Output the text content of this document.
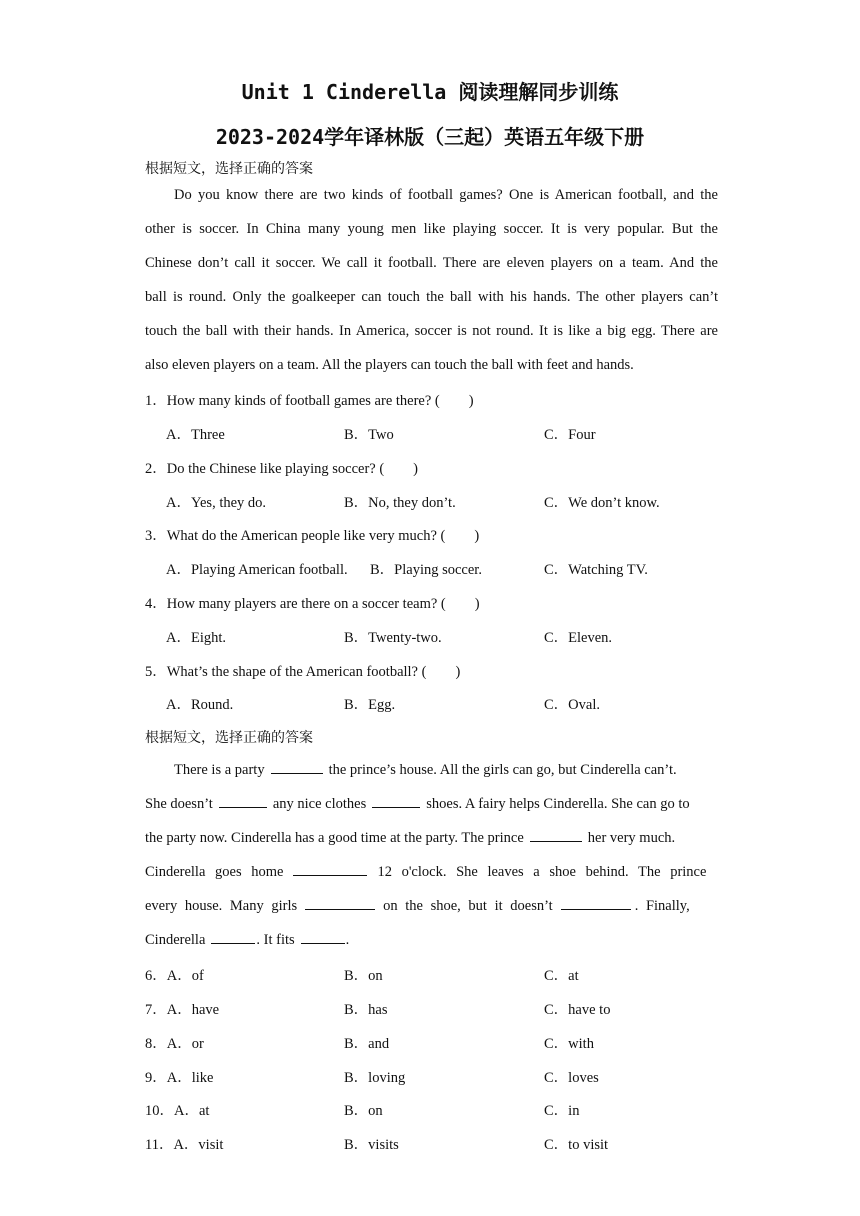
Unit 1 Cinderella 阅读理解同步训练
2023-2024学年译林版（三起）英语五年级下册
根据短文，选择正确的答案
Do you know there are two kinds of football games? One is American football, and the
other is soccer. In China many young men like playing soccer. It is very popular. But the
Chinese don’t call it soccer. We call it football. There are eleven players on a team. And the
ball is round. Only the goalkeeper can touch the ball with his hands. The other players can’t
touch the ball with their hands. In America, soccer is not round. It is like a big egg. There are
also eleven players on a team. All the players can touch the ball with feet and hands.
1．How many kinds of football games are there? (　　)
A．Three	B．Two	C．Four
2．Do the Chinese like playing soccer? (　　)
A．Yes, they do.	B．No, they don’t.	C．We don’t know.
3．What do the American people like very much? (　　)
A．Playing American football. B．Playing soccer.	C．Watching TV.
4．How many players are there on a soccer team? (　　)
A．Eight.	B．Twenty-two.	C．Eleven.
5．What’s the shape of the American football? (　　)
A．Round.	B．Egg.	C．Oval.
根据短文，选择正确的答案
There is a party	the prince’s house. All the girls can go, but Cinderella can’t.
She doesn’t	any nice clothes	shoes. A fairy helps Cinderella. She can go to
the party now. Cinderella has a good time at the party. The prince	her very much.
Cinderella goes home	12 o'clock. She leaves a shoe behind. The prince
every house. Many girls	on the shoe, but it doesn’t	. Finally,
Cinderella	. It fits	.
6．A．of	B．on	C．at
7．A．have	B．has	C．have to
8．A．or	B．and	C．with
9．A．like	B．loving	C．loves
10．A．at	B．on	C．in
11．A．visit	B．visits	C．to visit
